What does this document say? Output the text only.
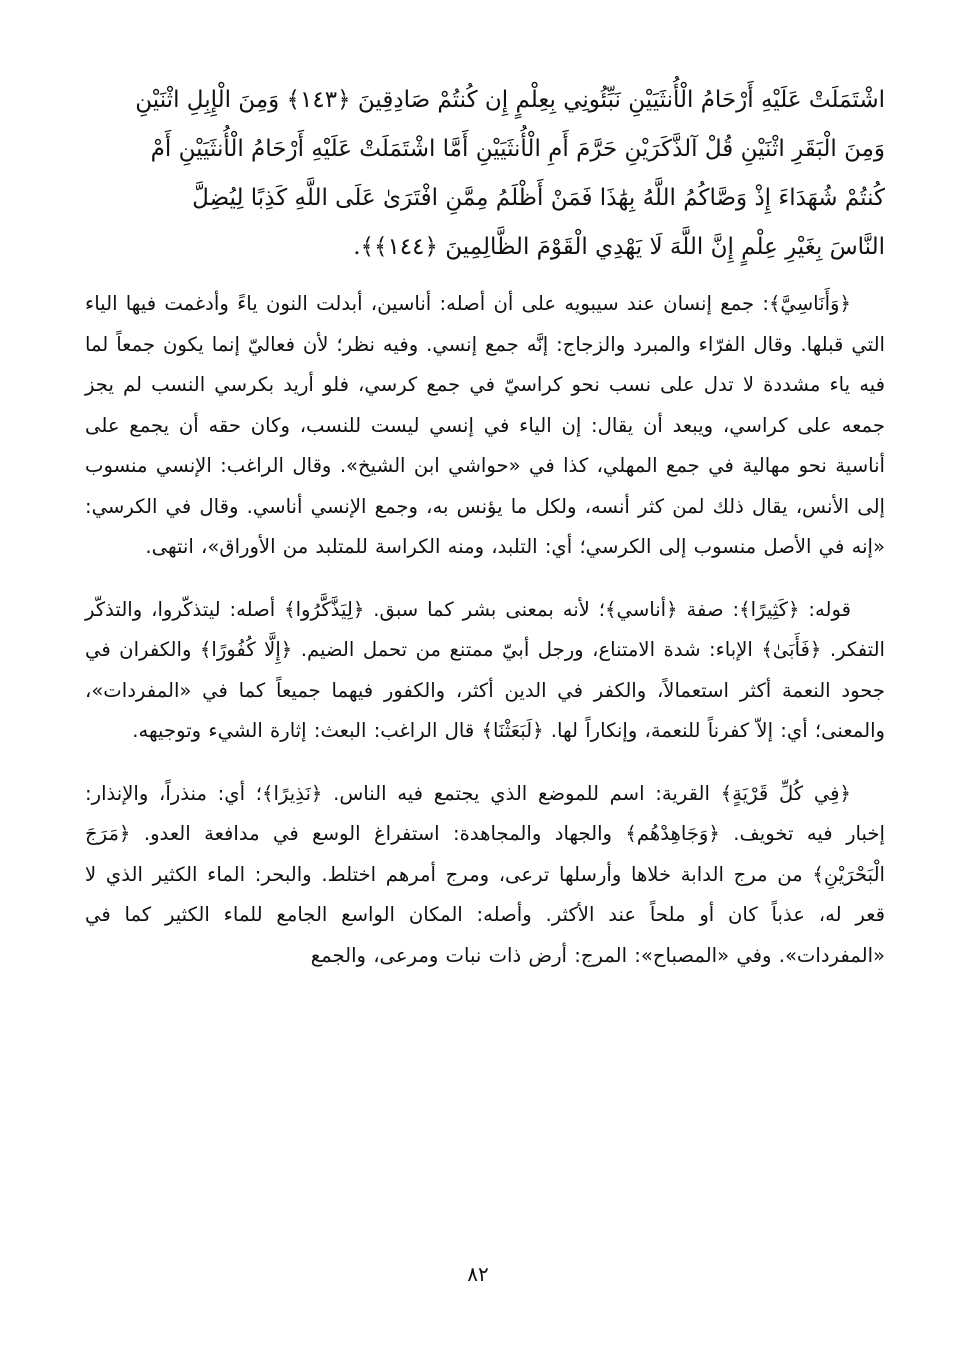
اشْتَمَلَتْ عَلَيْهِ أَرْحَامُ الْأُنثَيَيْنِ نَبِّئُونِي بِعِلْمٍ إِن كُنتُمْ صَادِقِينَ ﴿١٤٣﴾ وَمِنَ الْإِبِلِ اثْنَيْنِ
وَمِنَ الْبَقَرِ اثْنَيْنِ قُلْ آلذَّكَرَيْنِ حَرَّمَ أَمِ الْأُنثَيَيْنِ أَمَّا اشْتَمَلَتْ عَلَيْهِ أَرْحَامُ الْأُنثَيَيْنِ أَمْ
كُنتُمْ شُهَدَاءَ إِذْ وَصَّاكُمُ اللَّهُ بِهَٰذَا فَمَنْ أَظْلَمُ مِمَّنِ افْتَرَىٰ عَلَى اللَّهِ كَذِبًا لِيُضِلَّ
النَّاسَ بِغَيْرِ عِلْمٍ إِنَّ اللَّهَ لَا يَهْدِي الْقَوْمَ الظَّالِمِينَ ﴿١٤٤﴾﴾.

﴿وَأَنَاسِيَّ﴾: جمع إنسان عند سيبويه على أن أصله: أناسين، أبدلت النون ياءً وأدغمت فيها الياء التي قبلها. وقال الفرّاء والمبرد والزجاج: إنَّه جمع إنسي. وفيه نظر؛ لأن فعاليّ إنما يكون جمعاً لما فيه ياء مشددة لا تدل على نسب نحو كراسيّ في جمع كرسي، فلو أريد بكرسي النسب لم يجز جمعه على كراسي، ويبعد أن يقال: إن الياء في إنسي ليست للنسب، وكان حقه أن يجمع على أناسية نحو مهالية في جمع المهلي، كذا في «حواشي ابن الشيخ». وقال الراغب: الإنسي منسوب إلى الأنس، يقال ذلك لمن كثر أنسه، ولكل ما يؤنس به، وجمع الإنسي أناسي. وقال في الكرسي: «إنه في الأصل منسوب إلى الكرسي؛ أي: التلبد، ومنه الكراسة للمتلبد من الأوراق»، انتهى.

قوله: ﴿كَثِيرًا﴾: صفة ﴿أناسي﴾؛ لأنه بمعنى بشر كما سبق. ﴿لِيَذَّكَّرُوا﴾ أصله: ليتذكّروا، والتذكّر التفكر. ﴿فَأَبَىٰ﴾ الإباء: شدة الامتناع، ورجل أبيّ ممتنع من تحمل الضيم. ﴿إِلَّا كُفُورًا﴾ والكفران في جحود النعمة أكثر استعمالاً، والكفر في الدين أكثر، والكفور فيهما جميعاً كما في «المفردات»، والمعنى؛ أي: إلاّ كفرناً للنعمة، وإنكاراً لها. ﴿لَبَعَثْنَا﴾ قال الراغب: البعث: إثارة الشيء وتوجيهه.

﴿فِي كُلِّ قَرْيَةٍ﴾ القرية: اسم للموضع الذي يجتمع فيه الناس. ﴿نَذِيرًا﴾؛ أي: منذراً، والإنذار: إخبار فيه تخويف. ﴿وَجَاهِدْهُم﴾ والجهاد والمجاهدة: استفراغ الوسع في مدافعة العدو. ﴿مَرَجَ الْبَحْرَيْنِ﴾ من مرج الدابة خلاها وأرسلها ترعى، ومرج أمرهم اختلط. والبحر: الماء الكثير الذي لا قعر له، عذباً كان أو ملحاً عند الأكثر. وأصله: المكان الواسع الجامع للماء الكثير كما في «المفردات». وفي «المصباح»: المرج: أرض ذات نبات ومرعى، والجمع

٨٢
